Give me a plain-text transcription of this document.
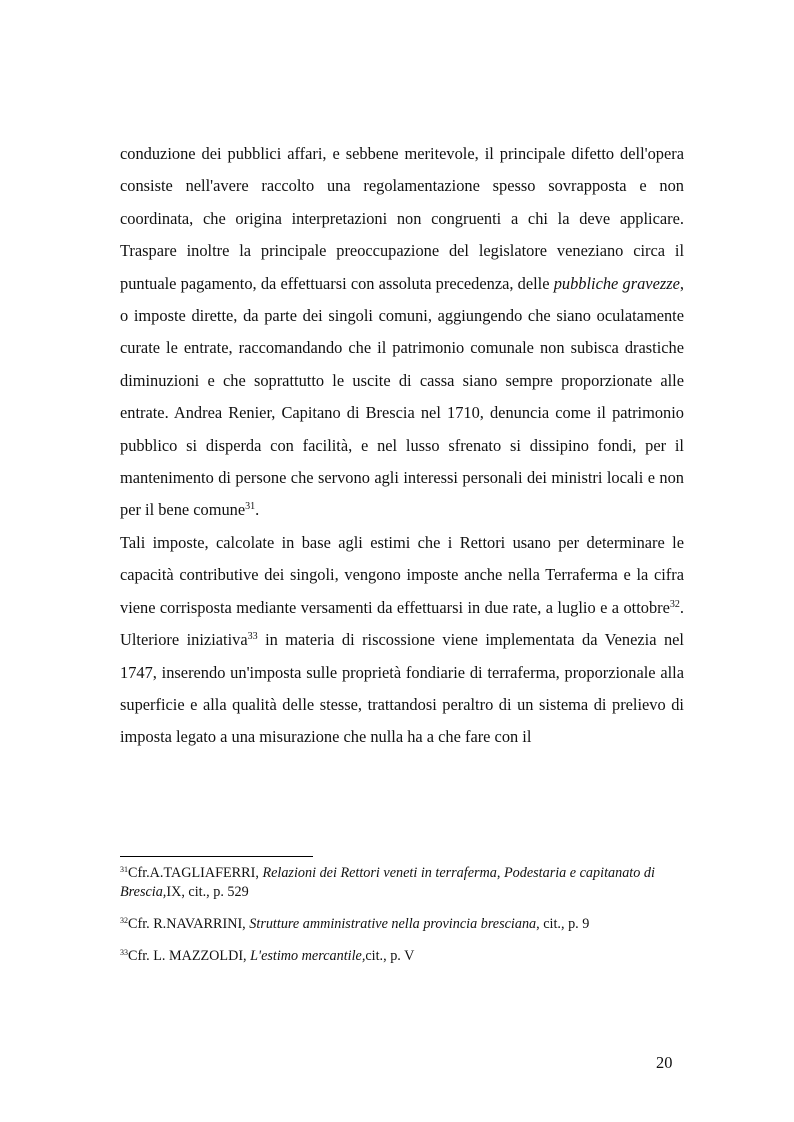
conduzione dei pubblici affari, e sebbene meritevole, il principale difetto dell'opera consiste nell'avere raccolto una regolamentazione spesso sovrapposta e non coordinata, che origina interpretazioni non congruenti a chi la deve applicare. Traspare inoltre la principale preoccupazione del legislatore veneziano circa il puntuale pagamento, da effettuarsi con assoluta precedenza, delle pubbliche gravezze, o imposte dirette, da parte dei singoli comuni, aggiungendo che siano oculatamente curate le entrate, raccomandando che il patrimonio comunale non subisca drastiche diminuzioni e che soprattutto le uscite di cassa siano sempre proporzionate alle entrate. Andrea Renier, Capitano di Brescia nel 1710, denuncia come il patrimonio pubblico si disperda con facilità, e nel lusso sfrenato si dissipino fondi, per il mantenimento di persone che servono agli interessi personali dei ministri locali e non per il bene comune$^{31}$.

Tali imposte, calcolate in base agli estimi che i Rettori usano per determinare le capacità contributive dei singoli, vengono imposte anche nella Terraferma e la cifra viene corrisposta mediante versamenti da effettuarsi in due rate, a luglio e a ottobre$^{32}$. Ulteriore iniziativa$^{33}$ in materia di riscossione viene implementata da Venezia nel 1747, inserendo un'imposta sulle proprietà fondiarie di terraferma, proporzionale alla superficie e alla qualità delle stesse, trattandosi peraltro di un sistema di prelievo di imposta legato a una misurazione che nulla ha a che fare con il

$^{31}$Cfr.A.TAGLIAFERRI, Relazioni dei Rettori veneti in terraferma, Podestaria e capitanato di Brescia,IX, cit., p. 529

$^{32}$Cfr. R.NAVARRINI, Strutture amministrative nella provincia bresciana, cit., p. 9

$^{33}$Cfr. L. MAZZOLDI, L'estimo mercantile,cit., p. V

20
